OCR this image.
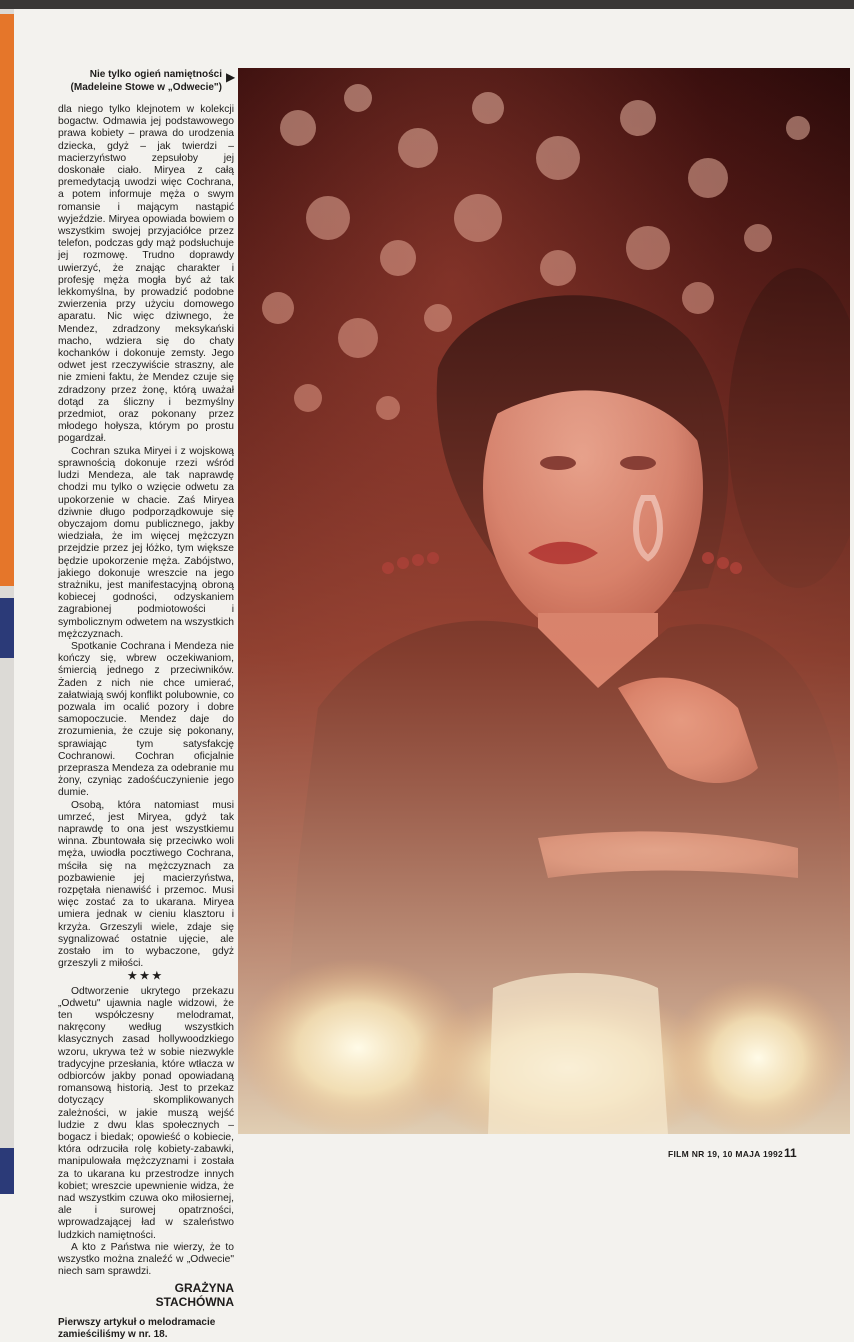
Nie tylko ogień namiętności
(Madeleine Stowe w „Odwecie")
▶

dla niego tylko klejnotem w kolekcji bogactw. Odmawia jej podstawowego prawa kobiety – prawa do urodzenia dziecka, gdyż – jak twierdzi – macierzyństwo zepsułoby jej doskonałe ciało. Miryea z całą premedytacją uwodzi więc Cochrana, a potem informuje męża o swym romansie i mającym nastąpić wyjeździe. Miryea opowiada bowiem o wszystkim swojej przyjaciółce przez telefon, podczas gdy mąż podsłuchuje jej rozmowę. Trudno doprawdy uwierzyć, że znając charakter i profesję męża mogła być aż tak lekkomyślna, by prowadzić podobne zwierzenia przy użyciu domowego aparatu. Nic więc dziwnego, że Mendez, zdradzony meksykański macho, wdziera się do chaty kochanków i dokonuje zemsty. Jego odwet jest rzeczywiście straszny, ale nie zmieni faktu, że Mendez czuje się zdradzony przez żonę, którą uważał dotąd za śliczny i bezmyślny przedmiot, oraz pokonany przez młodego hołysza, którym po prostu pogardzał.

Cochran szuka Miryei i z wojskową sprawnością dokonuje rzezi wśród ludzi Mendeza, ale tak naprawdę chodzi mu tylko o wzięcie odwetu za upokorzenie w chacie. Zaś Miryea dziwnie długo podporządkowuje się obyczajom domu publicznego, jakby wiedziała, że im więcej mężczyzn przejdzie przez jej łóżko, tym większe będzie upokorzenie męża. Zabójstwo, jakiego dokonuje wreszcie na jego strażniku, jest manifestacyjną obroną kobiecej godności, odzyskaniem zagrabionej podmiotowości i symbolicznym odwetem na wszystkich mężczyznach.

Spotkanie Cochrana i Mendeza nie kończy się, wbrew oczekiwaniom, śmiercią jednego z przeciwników. Żaden z nich nie chce umierać, załatwiają swój konflikt polubownie, co pozwala im ocalić pozory i dobre samopoczucie. Mendez daje do zrozumienia, że czuje się pokonany, sprawiając tym satysfakcję Cochranowi. Cochran oficjalnie przeprasza Mendeza za odebranie mu żony, czyniąc zadośćuczynienie jego dumie.

Osobą, która natomiast musi umrzeć, jest Miryea, gdyż tak naprawdę to ona jest wszystkiemu winna. Zbuntowała się przeciwko woli męża, uwiodła pocztiwego Cochrana, mściła się na mężczyznach za pozbawienie jej macierzyństwa, rozpętała nienawiść i przemoc. Musi więc zostać za to ukarana. Miryea umiera jednak w cieniu klasztoru i krzyża. Grzeszyli wiele, zdaje się sygnalizować ostatnie ujęcie, ale zostało im to wybaczone, gdyż grzeszyli z miłości.

★★★

Odtworzenie ukrytego przekazu „Odwetu" ujawnia nagle widzowi, że ten współczesny melodramat, nakręcony według wszystkich klasycznych zasad hollywoodzkiego wzoru, ukrywa też w sobie niezwykle tradycyjne przesłania, które wtłacza w odbiorców jakby ponad opowiadaną romansową historią. Jest to przekaz dotyczący skomplikowanych zależności, w jakie muszą wejść ludzie z dwu klas społecznych – bogacz i biedak; opowieść o kobiecie, która odrzuciła rolę kobiety-zabawki, manipulowała mężczyznami i została za to ukarana ku przestrodze innych kobiet; wreszcie upewnienie widza, że nad wszystkim czuwa oko miłosiernej, ale i surowej opatrzności, wprowadzającej ład w szaleństwo ludzkich namiętności.

A kto z Państwa nie wierzy, że to wszystko można znaleźć w „Odwecie" niech sam sprawdzi.

GRAŻYNA
STACHÓWNA
Pierwszy artykuł o melodramacie zamieściliśmy w nr. 18.
FILM NR 19, 10 MAJA 1992 11
